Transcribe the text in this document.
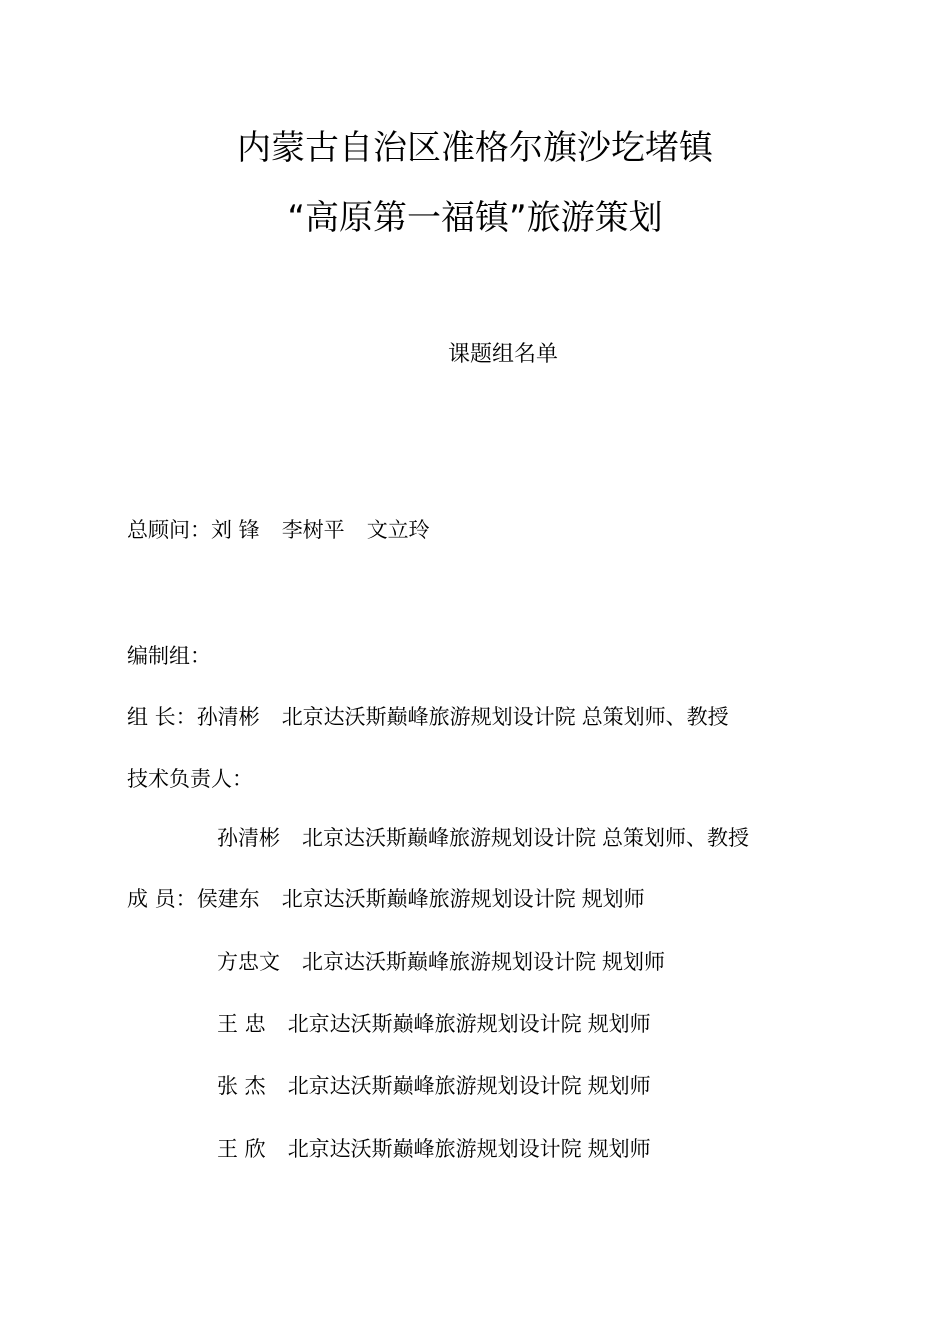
内蒙古自治区准格尔旗沙圪堵镇
“高原第一福镇”旅游策划
课题组名单
总顾问：刘 锋 李树平 文立玲
编制组：
组 长：孙清彬 北京达沃斯巅峰旅游规划设计院 总策划师、教授
技术负责人：
孙清彬 北京达沃斯巅峰旅游规划设计院 总策划师、教授
成 员：侯建东 北京达沃斯巅峰旅游规划设计院 规划师
方忠文 北京达沃斯巅峰旅游规划设计院 规划师
王 忠 北京达沃斯巅峰旅游规划设计院 规划师
张 杰 北京达沃斯巅峰旅游规划设计院 规划师
王 欣 北京达沃斯巅峰旅游规划设计院 规划师
